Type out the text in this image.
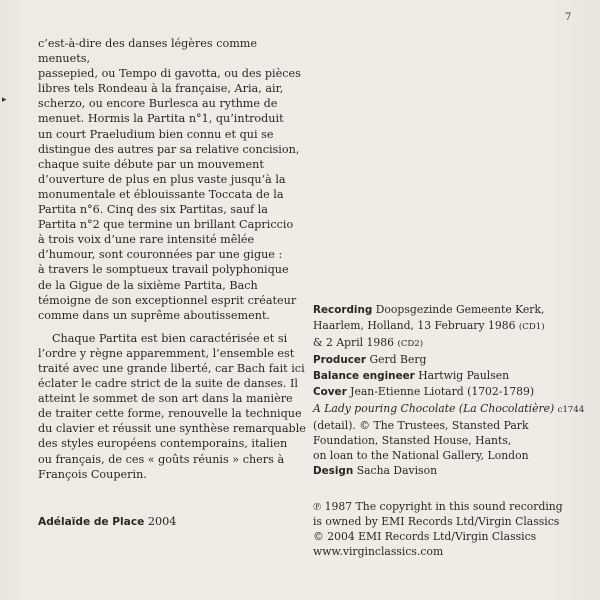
7
▸

c’est-à-dire des danses légères comme menuets,
passepied, ou Tempo di gavotta, ou des pièces
libres tels Rondeau à la française, Aria, air,
scherzo, ou encore Burlesca au rythme de
menuet. Hormis la Partita n°1, qu’introduit
un court Praeludium bien connu et qui se
distingue des autres par sa relative concision,
chaque suite débute par un mouvement
d’ouverture de plus en plus vaste jusqu’à la
monumentale et éblouissante Toccata de la
Partita n°6. Cinq des six Partitas, sauf la
Partita n°2 que termine un brillant Capriccio
à trois voix d’une rare intensité mêlée
d’humour, sont couronnées par une gigue :
à travers le somptueux travail polyphonique
de la Gigue de la sixième Partita, Bach
témoigne de son exceptionnel esprit créateur
comme dans un suprême aboutissement.

Chaque Partita est bien caractérisée et si
l’ordre y règne apparemment, l’ensemble est
traité avec une grande liberté, car Bach fait ici
éclater le cadre strict de la suite de danses. Il
atteint le sommet de son art dans la manière
de traiter cette forme, renouvelle la technique
du clavier et réussit une synthèse remarquable
des styles européens contemporains, italien
ou français, de ces « goûts réunis » chers à
François Couperin.

Adélaïde de Place 2004

Recording Doopsgezinde Gemeente Kerk,
Haarlem, Holland, 13 February 1986 (CD1)
& 2 April 1986 (CD2)

Producer Gerd Berg

Balance engineer Hartwig Paulsen

Cover Jean-Etienne Liotard (1702-1789)
A Lady pouring Chocolate (La Chocolatière) c1744
(detail). © The Trustees, Stansted Park
Foundation, Stansted House, Hants,
on loan to the National Gallery, London

Design Sacha Davison

℗ 1987 The copyright in this sound recording
is owned by EMI Records Ltd/Virgin Classics
© 2004 EMI Records Ltd/Virgin Classics
www.virginclassics.com
